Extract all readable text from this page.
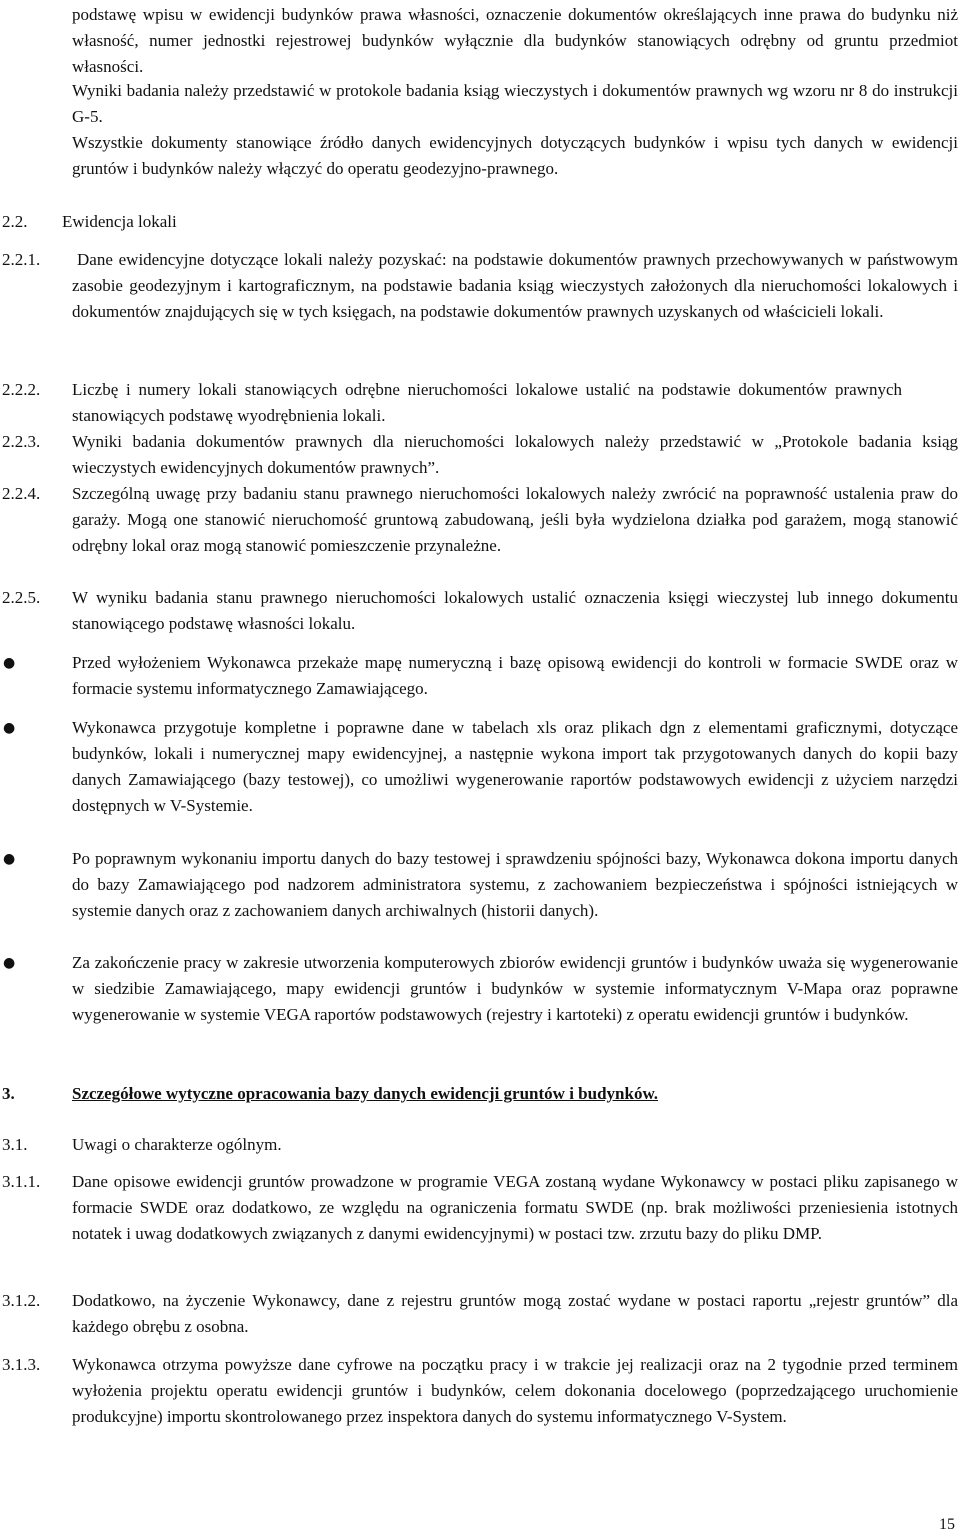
podstawę wpisu w ewidencji budynków prawa własności, oznaczenie dokumentów określających inne prawa do budynku niż własność, numer jednostki rejestrowej budynków wyłącznie dla budynków stanowiących odrębny od gruntu przedmiot własności.
Wyniki badania należy przedstawić w protokole badania ksiąg wieczystych i dokumentów prawnych wg wzoru nr 8 do instrukcji G-5.
Wszystkie dokumenty stanowiące źródło danych ewidencyjnych dotyczących budynków i wpisu tych danych w ewidencji gruntów i budynków należy włączyć do operatu geodezyjno-prawnego.
2.2. Ewidencja lokali
2.2.1. Dane ewidencyjne dotyczące lokali należy pozyskać: na podstawie dokumentów prawnych przechowywanych w państwowym zasobie geodezyjnym i kartograficznym, na podstawie badania ksiąg wieczystych założonych dla nieruchomości lokalowych i dokumentów znajdujących się w tych księgach, na podstawie dokumentów prawnych uzyskanych od właścicieli lokali.
2.2.2. Liczbę i numery lokali stanowiących odrębne nieruchomości lokalowe ustalić na podstawie dokumentów prawnych stanowiących podstawę wyodrębnienia lokali.
2.2.3. Wyniki badania dokumentów prawnych dla nieruchomości lokalowych należy przedstawić w „Protokole badania ksiąg wieczystych ewidencyjnych dokumentów prawnych”.
2.2.4. Szczególną uwagę przy badaniu stanu prawnego nieruchomości lokalowych należy zwrócić na poprawność ustalenia praw do garaży. Mogą one stanowić nieruchomość gruntową zabudowaną, jeśli była wydzielona działka pod garażem, mogą stanowić odrębny lokal oraz mogą stanowić pomieszczenie przynależne.
2.2.5. W wyniku badania stanu prawnego nieruchomości lokalowych ustalić oznaczenia księgi wieczystej lub innego dokumentu stanowiącego podstawę własności lokalu.
●	Przed wyłożeniem Wykonawca przekaże mapę numeryczną i bazę opisową ewidencji do kontroli w formacie SWDE oraz w formacie systemu informatycznego Zamawiającego.
●	Wykonawca przygotuje kompletne i poprawne dane w tabelach xls oraz plikach dgn z elementami graficznymi, dotyczące budynków, lokali i numerycznej mapy ewidencyjnej, a następnie wykona import tak przygotowanych danych do kopii bazy danych Zamawiającego (bazy testowej), co umożliwi wygenerowanie raportów podstawowych ewidencji z użyciem narzędzi dostępnych w V-Systemie.
●	Po poprawnym wykonaniu importu danych do bazy testowej i sprawdzeniu spójności bazy, Wykonawca dokona importu danych do bazy Zamawiającego pod nadzorem administratora systemu, z zachowaniem bezpieczeństwa i spójności istniejących w systemie danych oraz z zachowaniem danych archiwalnych (historii danych).
●	Za zakończenie pracy w zakresie utworzenia komputerowych zbiorów ewidencji gruntów i budynków uważa się wygenerowanie w siedzibie Zamawiającego, mapy ewidencji gruntów i budynków w systemie informatycznym V-Mapa oraz poprawne wygenerowanie w systemie VEGA raportów podstawowych (rejestry i kartoteki) z operatu ewidencji gruntów i budynków.
3.	Szczegółowe wytyczne opracowania bazy danych ewidencji gruntów i budynków.
3.1.	Uwagi o charakterze ogólnym.
3.1.1. Dane opisowe ewidencji gruntów prowadzone w programie VEGA zostaną wydane Wykonawcy w postaci pliku zapisanego w formacie SWDE oraz dodatkowo, ze względu na ograniczenia formatu SWDE (np. brak możliwości przeniesienia istotnych notatek i uwag dodatkowych związanych z danymi ewidencyjnymi) w postaci tzw. zrzutu bazy do pliku DMP.
3.1.2. Dodatkowo, na życzenie Wykonawcy, dane z rejestru gruntów mogą zostać wydane w postaci raportu „rejestr gruntów” dla każdego obrębu z osobna.
3.1.3. Wykonawca otrzyma powyższe dane cyfrowe na początku pracy i w trakcie jej realizacji oraz na 2 tygodnie przed terminem wyłożenia projektu operatu ewidencji gruntów i budynków, celem dokonania docelowego (poprzedzającego uruchomienie produkcyjne) importu skontrolowanego przez inspektora danych do systemu informatycznego V-System.
15
